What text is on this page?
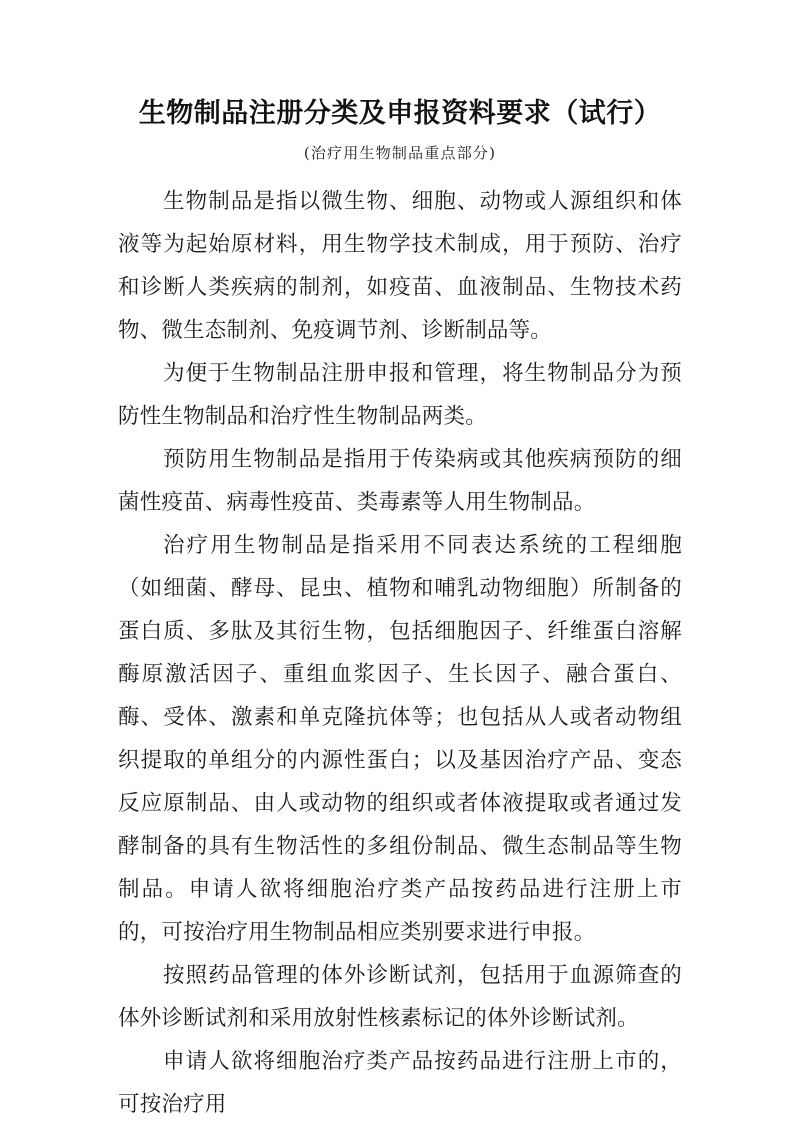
生物制品注册分类及申报资料要求（试行）
(治疗用生物制品重点部分)

生物制品是指以微生物、细胞、动物或人源组织和体液等为起始原材料，用生物学技术制成，用于预防、治疗和诊断人类疾病的制剂，如疫苗、血液制品、生物技术药物、微生态制剂、免疫调节剂、诊断制品等。

为便于生物制品注册申报和管理，将生物制品分为预防性生物制品和治疗性生物制品两类。

预防用生物制品是指用于传染病或其他疾病预防的细菌性疫苗、病毒性疫苗、类毒素等人用生物制品。

治疗用生物制品是指采用不同表达系统的工程细胞（如细菌、酵母、昆虫、植物和哺乳动物细胞）所制备的蛋白质、多肽及其衍生物，包括细胞因子、纤维蛋白溶解酶原激活因子、重组血浆因子、生长因子、融合蛋白、酶、受体、激素和单克隆抗体等；也包括从人或者动物组织提取的单组分的内源性蛋白；以及基因治疗产品、变态反应原制品、由人或动物的组织或者体液提取或者通过发酵制备的具有生物活性的多组份制品、微生态制品等生物制品。申请人欲将细胞治疗类产品按药品进行注册上市的，可按治疗用生物制品相应类别要求进行申报。

按照药品管理的体外诊断试剂，包括用于血源筛查的体外诊断试剂和采用放射性核素标记的体外诊断试剂。

申请人欲将细胞治疗类产品按药品进行注册上市的，可按治疗用
